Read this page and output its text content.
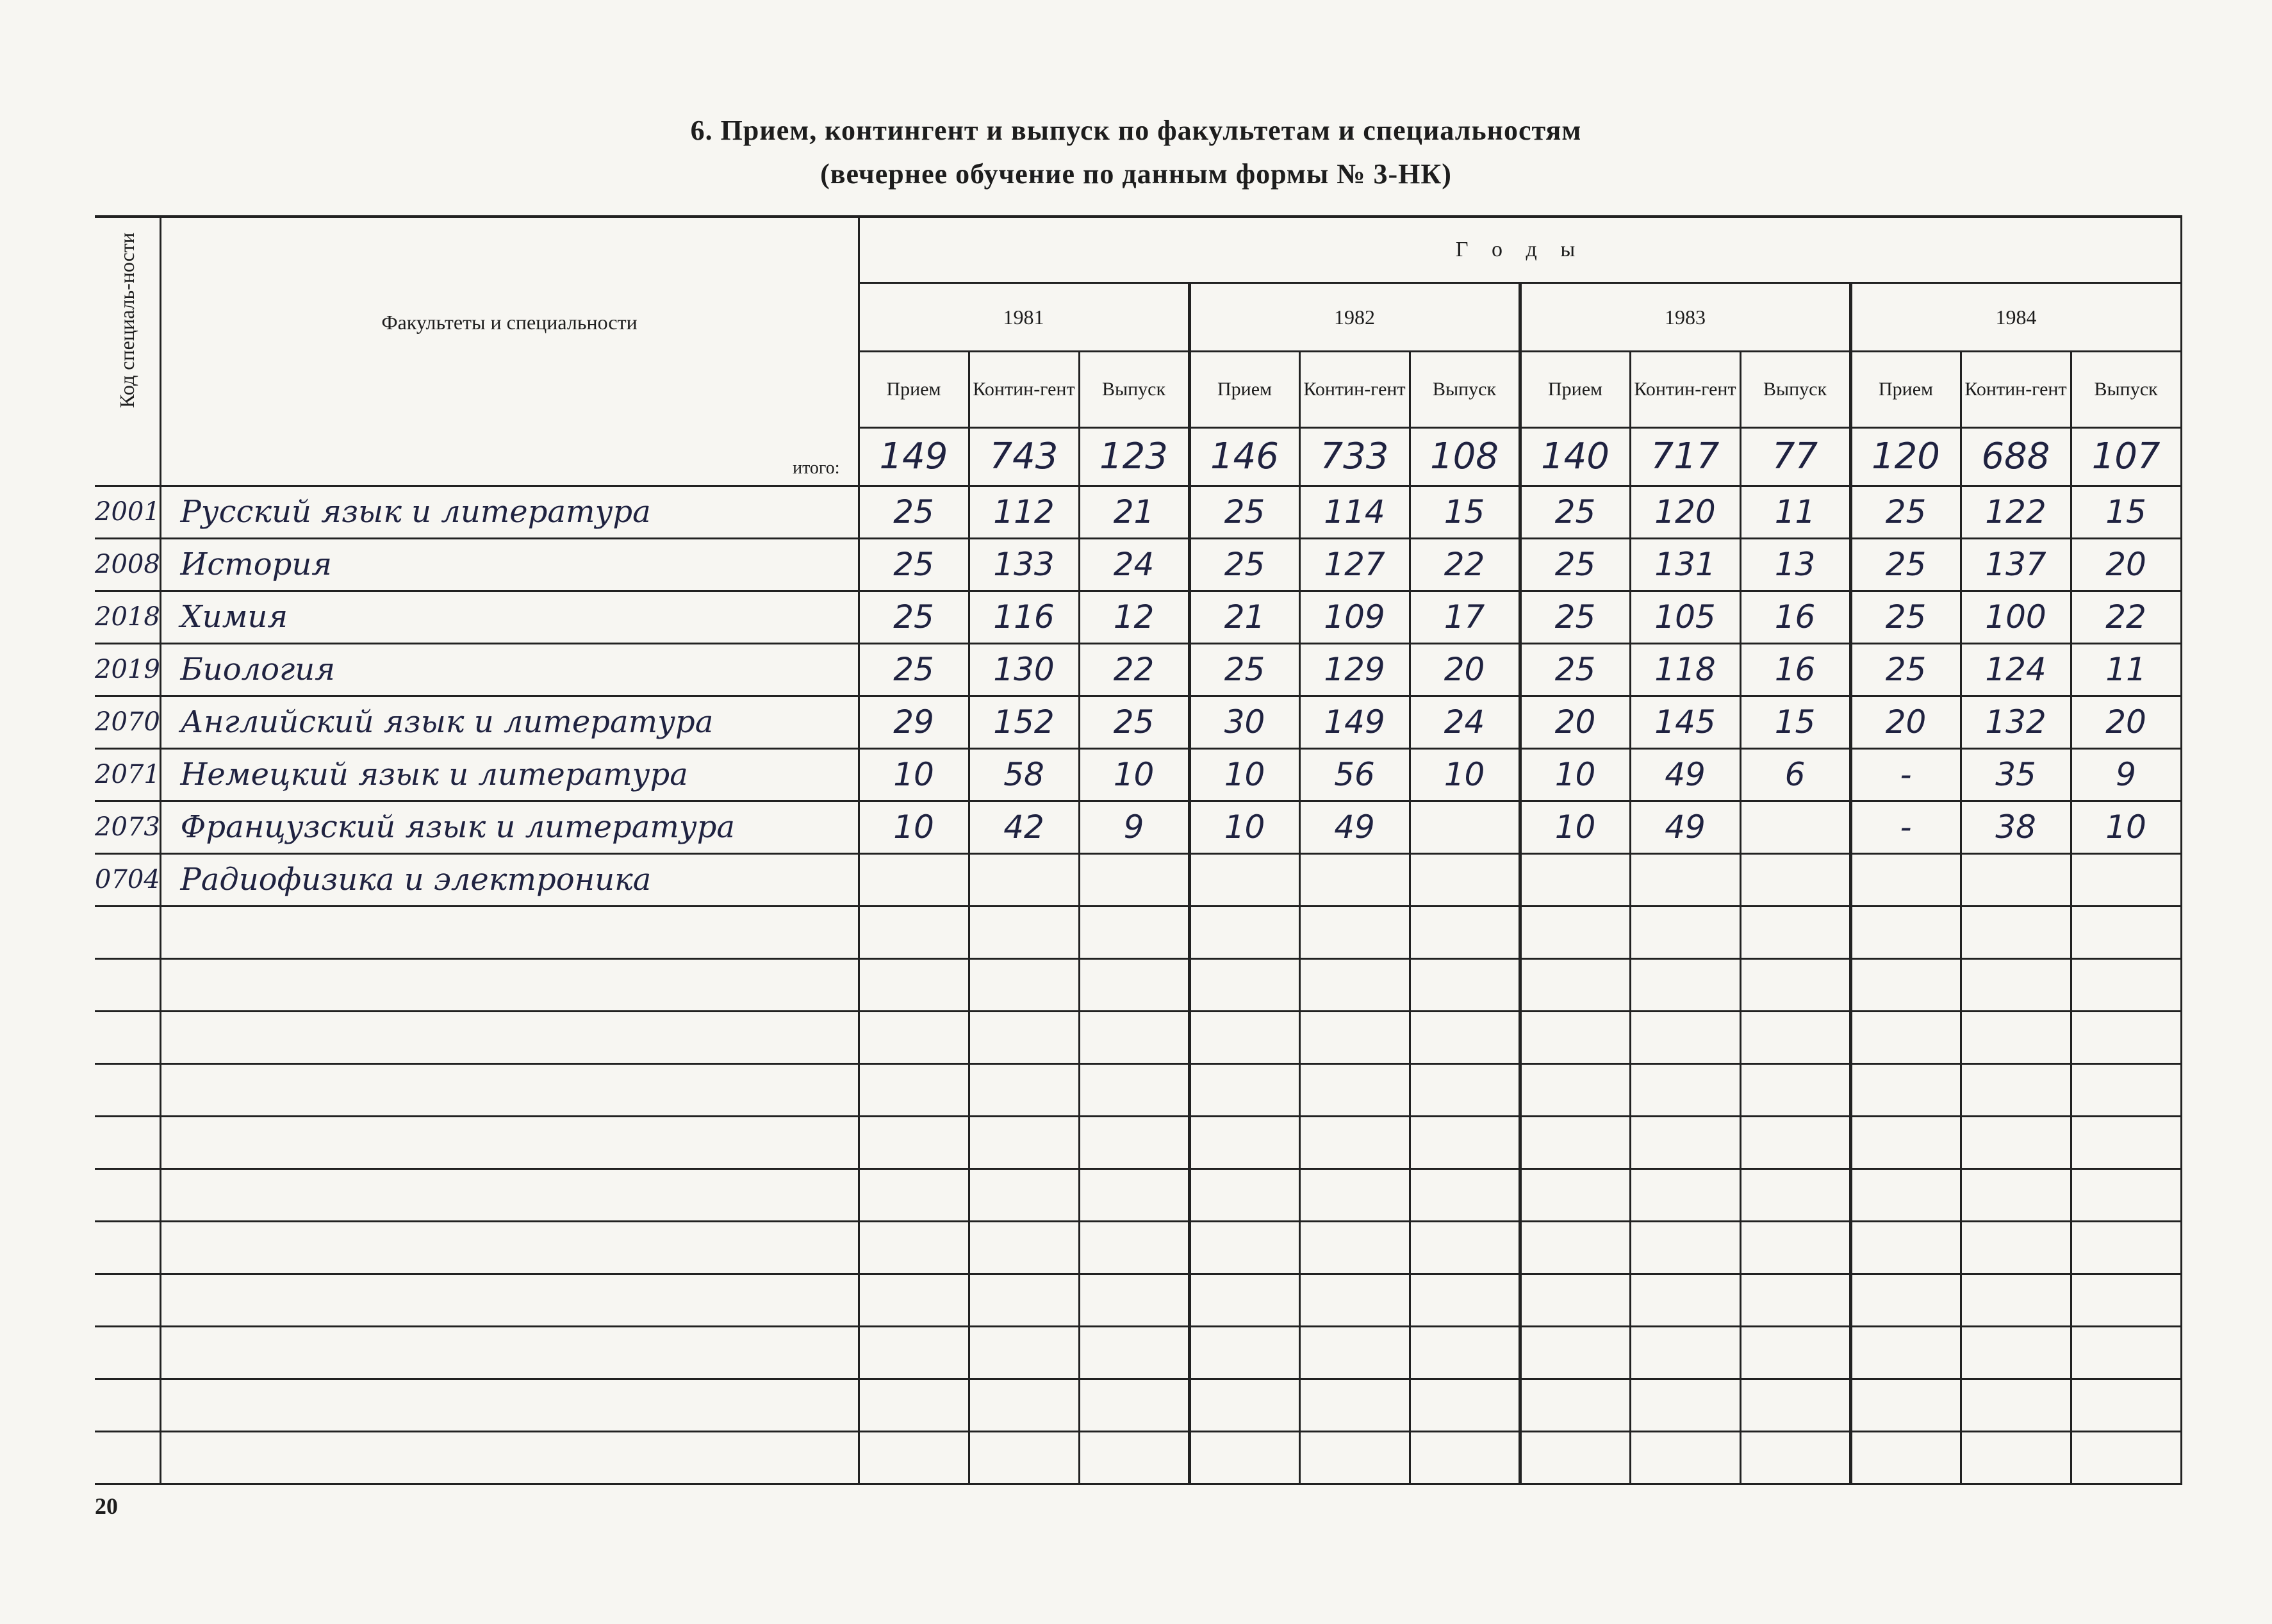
6. Прием, контингент и выпуск по факультетам и специальностям
(вечернее обучение по данным формы № 3-НК)
Код специаль-ности	Факультеты и специальности	Г о д ы											
		1981			1982			1983			1984		
		Прием	Контин-гент	Выпуск	Прием	Контин-гент	Выпуск	Прием	Контин-гент	Выпуск	Прием	Контин-гент	Выпуск
	итого:	149	743	123	146	733	108	140	717	77	120	688	107
2001	Русский язык и литература	25	112	21	25	114	15	25	120	11	25	122	15
2008	История	25	133	24	25	127	22	25	131	13	25	137	20
2018	Химия	25	116	12	21	109	17	25	105	16	25	100	22
2019	Биология	25	130	22	25	129	20	25	118	16	25	124	11
2070	Английский язык и литература	29	152	25	30	149	24	20	145	15	20	132	20
2071	Немецкий язык и литература	10	58	10	10	56	10	10	49	6	-	35	9
2073	Французский язык и литература	10	42	9	10	49		10	49		-	38	10
0704	Радиофизика и электроника												

20
